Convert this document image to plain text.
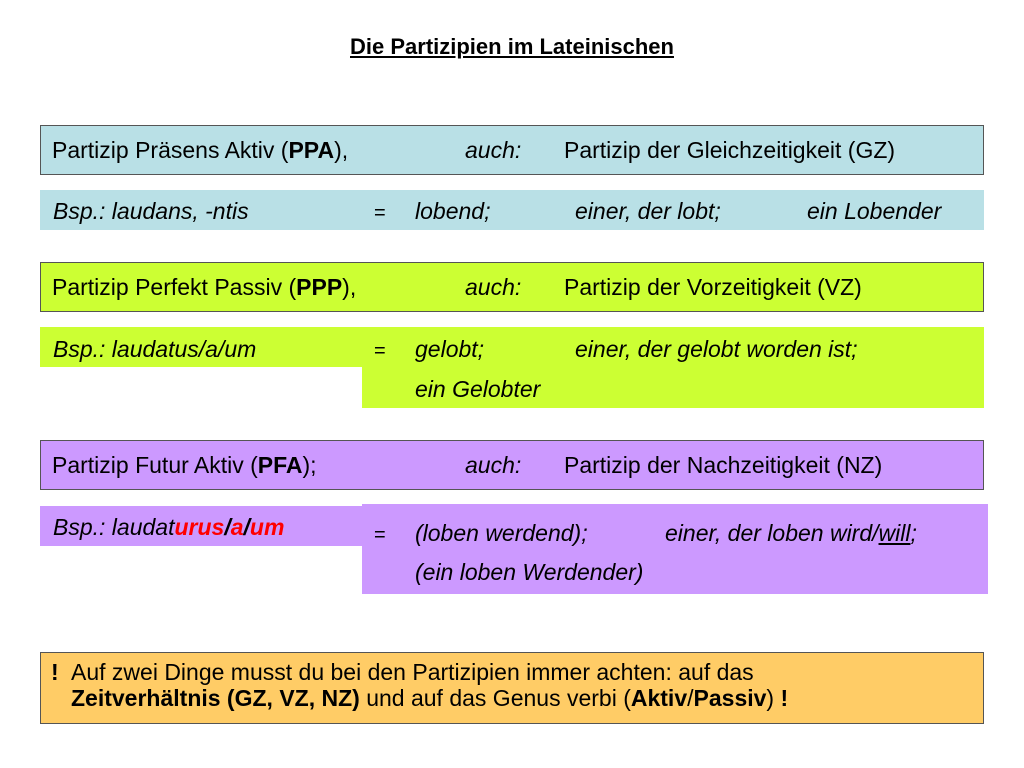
Die Partizipien im Lateinischen
Partizip Präsens Aktiv (PPA),	auch: Partizip der Gleichzeitigkeit (GZ)
Bsp.: laudans, -ntis	= lobend;	einer, der lobt;	ein Lobender
Partizip Perfekt Passiv (PPP),	auch: Partizip der Vorzeitigkeit (VZ)
Bsp.: laudatus/a/um	= gelobt;	einer, der gelobt worden ist;
ein Gelobter
Partizip Futur Aktiv (PFA);	auch: Partizip der Nachzeitigkeit (NZ)
Bsp.: laudaturus/a/um	= (loben werdend);	einer, der loben wird/will;
(ein loben Werdender)
! Auf zwei Dinge musst du bei den Partizipien immer achten: auf das
Zeitverhältnis (GZ, VZ, NZ) und auf das Genus verbi (Aktiv/Passiv) !
